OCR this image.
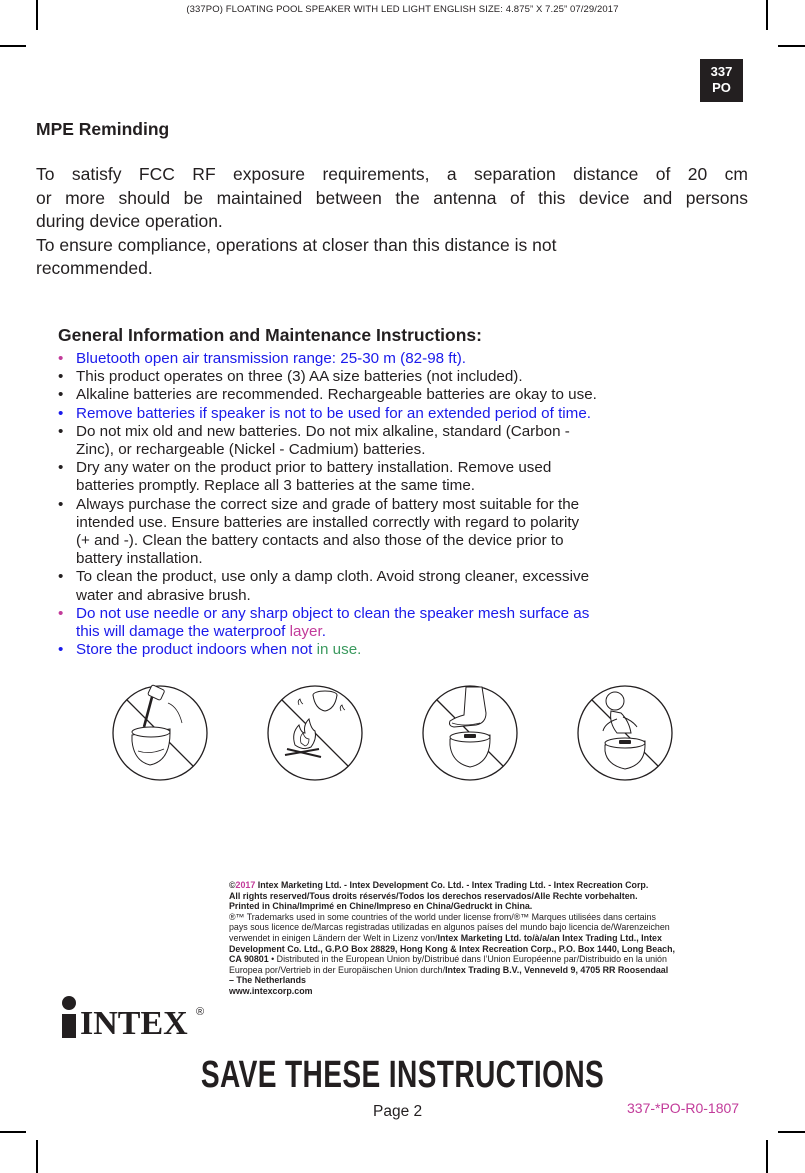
(337PO) FLOATING POOL SPEAKER WITH LED LIGHT ENGLISH SIZE: 4.875” X 7.25” 07/29/2017
337
PO
MPE Reminding
To satisfy FCC RF exposure requirements, a separation distance of 20 cm
or more should be maintained between the antenna of this device and persons
during device operation.
To ensure compliance, operations at closer than this distance is not
recommended.
General Information and Maintenance Instructions:
• Bluetooth open air transmission range: 25-30 m (82-98 ft).
• This product operates on three (3) AA size batteries (not included).
• Alkaline batteries are recommended. Rechargeable batteries are okay to use.
• Remove batteries if speaker is not to be used for an extended period of time.
• Do not mix old and new batteries. Do not mix alkaline, standard (Carbon -
Zinc), or rechargeable (Nickel - Cadmium) batteries.
• Dry any water on the product prior to battery installation. Remove used
batteries promptly. Replace all 3 batteries at the same time.
• Always purchase the correct size and grade of battery most suitable for the
intended use. Ensure batteries are installed correctly with regard to polarity
(+ and -). Clean the battery contacts and also those of the device prior to
battery installation.
• To clean the product, use only a damp cloth. Avoid strong cleaner, excessive
water and abrasive brush.
• Do not use needle or any sharp object to clean the speaker mesh surface as
this will damage the waterproof layer.
• Store the product indoors when not in use.
©2017 Intex Marketing Ltd. - Intex Development Co. Ltd. - Intex Trading Ltd. - Intex Recreation Corp.
All rights reserved/Tous droits réservés/Todos los derechos reservados/Alle Rechte vorbehalten.
Printed in China/Imprimé en Chine/Impreso en China/Gedruckt in China.
®™ Trademarks used in some countries of the world under license from/®™ Marques utilisées dans certains
pays sous licence de/Marcas registradas utilizadas en algunos países del mundo bajo licencia de/Warenzeichen
verwendet in einigen Ländern der Welt in Lizenz von/Intex Marketing Ltd. to/à/a/an Intex Trading Ltd., Intex
Development Co. Ltd., G.P.O Box 28829, Hong Kong & Intex Recreation Corp., P.O. Box 1440, Long Beach,
CA 90801 • Distributed in the European Union by/Distribué dans l’Union Européenne par/Distribuido en la unión
Europea por/Vertrieb in der Europäischen Union durch/Intex Trading B.V., Venneveld 9, 4705 RR Roosendaal
– The Netherlands
www.intexcorp.com
INTEX ®
SAVE THESE INSTRUCTIONS
Page 2	337-*PO-R0-1807
